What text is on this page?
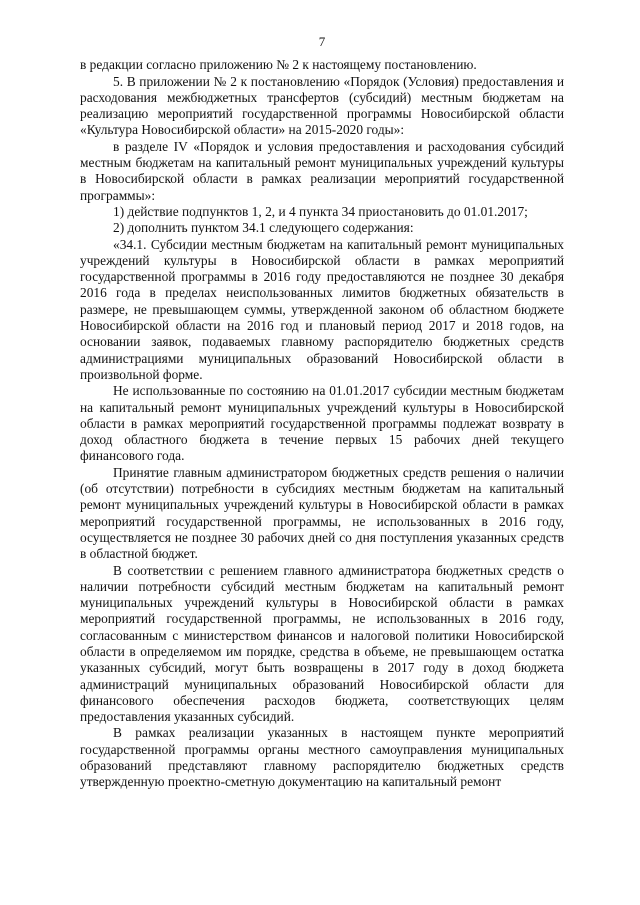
7

в редакции согласно приложению № 2 к настоящему постановлению.

5. В приложении № 2 к постановлению «Порядок (Условия) предоставления и расходования межбюджетных трансфертов (субсидий) местным бюджетам на реализацию мероприятий государственной программы Новосибирской области «Культура Новосибирской области» на 2015-2020 годы»:

в разделе IV «Порядок и условия предоставления и расходования субсидий местным бюджетам на капитальный ремонт муниципальных учреждений культуры в Новосибирской области в рамках реализации мероприятий государственной программы»:

1) действие подпунктов 1, 2, и 4 пункта 34 приостановить до 01.01.2017;

2) дополнить пунктом 34.1 следующего содержания:

«34.1. Субсидии местным бюджетам на капитальный ремонт муниципальных учреждений культуры в Новосибирской области в рамках мероприятий государственной программы в 2016 году предоставляются не позднее 30 декабря 2016 года в пределах неиспользованных лимитов бюджетных обязательств в размере, не превышающем суммы, утвержденной законом об областном бюджете Новосибирской области на 2016 год и плановый период 2017 и 2018 годов, на основании заявок, подаваемых главному распорядителю бюджетных средств администрациями муниципальных образований Новосибирской области в произвольной форме.

Не использованные по состоянию на 01.01.2017 субсидии местным бюджетам на капитальный ремонт муниципальных учреждений культуры в Новосибирской области в рамках мероприятий государственной программы подлежат возврату в доход областного бюджета в течение первых 15 рабочих дней текущего финансового года.

Принятие главным администратором бюджетных средств решения о наличии (об отсутствии) потребности в субсидиях местным бюджетам на капитальный ремонт муниципальных учреждений культуры в Новосибирской области в рамках мероприятий государственной программы, не использованных в 2016 году, осуществляется не позднее 30 рабочих дней со дня поступления указанных средств в областной бюджет.

В соответствии с решением главного администратора бюджетных средств о наличии потребности субсидий местным бюджетам на капитальный ремонт муниципальных учреждений культуры в Новосибирской области в рамках мероприятий государственной программы, не использованных в 2016 году, согласованным с министерством финансов и налоговой политики Новосибирской области в определяемом им порядке, средства в объеме, не превышающем остатка указанных субсидий, могут быть возвращены в 2017 году в доход бюджета администраций муниципальных образований Новосибирской области для финансового обеспечения расходов бюджета, соответствующих целям предоставления указанных субсидий.

В рамках реализации указанных в настоящем пункте мероприятий государственной программы органы местного самоуправления муниципальных образований представляют главному распорядителю бюджетных средств утвержденную проектно-сметную документацию на капитальный ремонт
